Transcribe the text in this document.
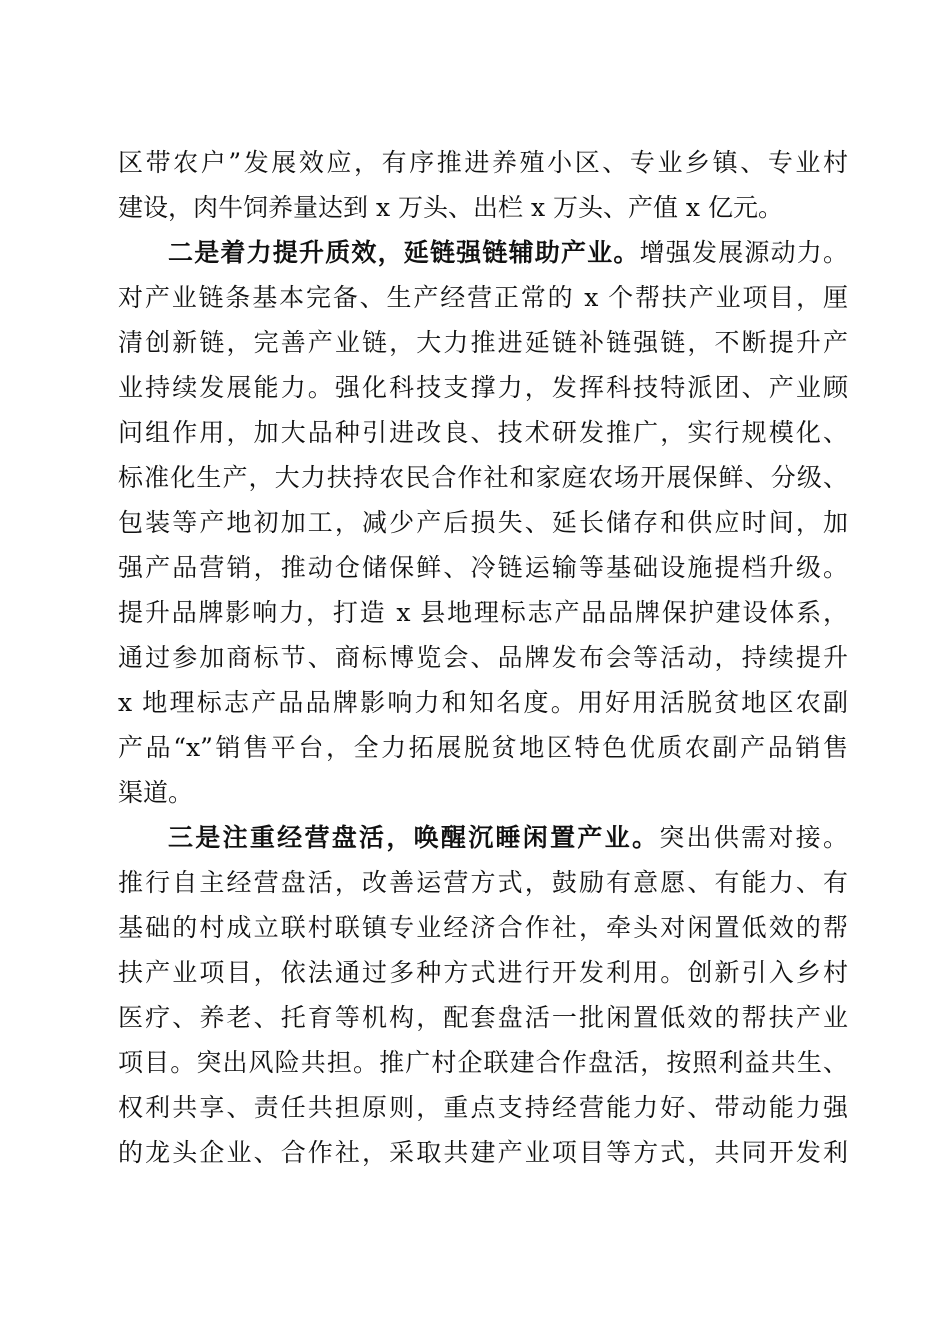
区带农户”发展效应，有序推进养殖小区、专业乡镇、专业村
建设，肉牛饲养量达到 x 万头、出栏 x 万头、产值 x 亿元。
二是着力提升质效，延链强链辅助产业。增强发展源动力。
对产业链条基本完备、生产经营正常的 x 个帮扶产业项目，厘
清创新链，完善产业链，大力推进延链补链强链，不断提升产
业持续发展能力。强化科技支撑力，发挥科技特派团、产业顾
问组作用，加大品种引进改良、技术研发推广，实行规模化、
标准化生产，大力扶持农民合作社和家庭农场开展保鲜、分级、
包装等产地初加工，减少产后损失、延长储存和供应时间，加
强产品营销，推动仓储保鲜、冷链运输等基础设施提档升级。
提升品牌影响力，打造 x 县地理标志产品品牌保护建设体系，
通过参加商标节、商标博览会、品牌发布会等活动，持续提升
x 地理标志产品品牌影响力和知名度。用好用活脱贫地区农副
产品“x”销售平台，全力拓展脱贫地区特色优质农副产品销售
渠道。
三是注重经营盘活，唤醒沉睡闲置产业。突出供需对接。
推行自主经营盘活，改善运营方式，鼓励有意愿、有能力、有
基础的村成立联村联镇专业经济合作社，牵头对闲置低效的帮
扶产业项目，依法通过多种方式进行开发利用。创新引入乡村
医疗、养老、托育等机构，配套盘活一批闲置低效的帮扶产业
项目。突出风险共担。推广村企联建合作盘活，按照利益共生、
权利共享、责任共担原则，重点支持经营能力好、带动能力强
的龙头企业、合作社，采取共建产业项目等方式，共同开发利
